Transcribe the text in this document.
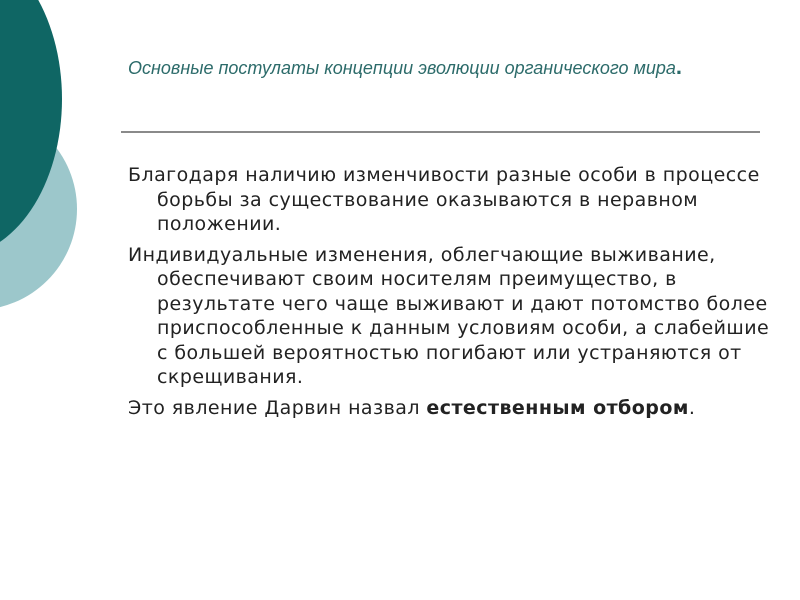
Основные постулаты концепции эволюции органического мира.

Благодаря наличию изменчивости разные особи в процессе борьбы за существование оказываются в неравном положении.

Индивидуальные изменения, облегчающие выживание, обеспечивают своим носителям преимущество, в результате чего чаще выживают и дают потомство более приспособленные к данным условиям особи, а слабейшие с большей вероятностью погибают или устраняются от скрещивания.

Это явление Дарвин назвал естественным отбором.
